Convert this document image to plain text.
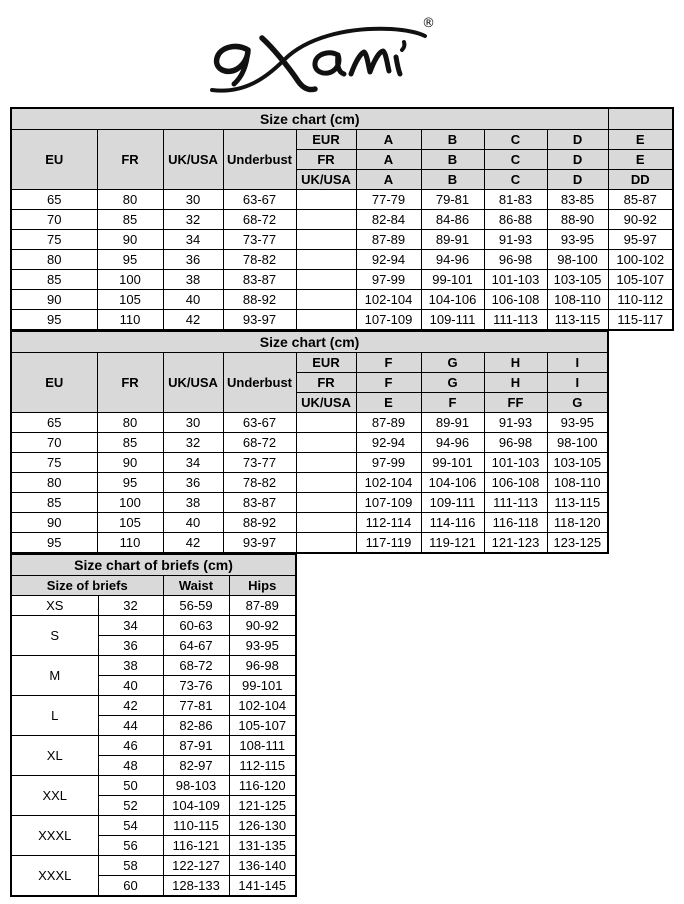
®
Size chart (cm)									
EU	FR	UK/USA	Underbust	EUR	A	B	C	D	E
				FR	A	B	C	D	E
				UK/USA	A	B	C	D	DD
65	80	30	63-67		77-79	79-81	81-83	83-85	85-87
70	85	32	68-72		82-84	84-86	86-88	88-90	90-92
75	90	34	73-77		87-89	89-91	91-93	93-95	95-97
80	95	36	78-82		92-94	94-96	96-98	98-100	100-102
85	100	38	83-87		97-99	99-101	101-103	103-105	105-107
90	105	40	88-92		102-104	104-106	106-108	108-110	110-112
95	110	42	93-97		107-109	109-111	111-113	113-115	115-117
Size chart (cm)								
EU	FR	UK/USA	Underbust	EUR	F	G	H	I
				FR	F	G	H	I
				UK/USA	E	F	FF	G
65	80	30	63-67		87-89	89-91	91-93	93-95
70	85	32	68-72		92-94	94-96	96-98	98-100
75	90	34	73-77		97-99	99-101	101-103	103-105
80	95	36	78-82		102-104	104-106	106-108	108-110
85	100	38	83-87		107-109	109-111	111-113	113-115
90	105	40	88-92		112-114	114-116	116-118	118-120
95	110	42	93-97		117-119	119-121	121-123	123-125
Size chart of briefs (cm)			
Size of briefs		Waist	Hips
XS	32	56-59	87-89
S	34	60-63	90-92
	36	64-67	93-95
M	38	68-72	96-98
	40	73-76	99-101
L	42	77-81	102-104
	44	82-86	105-107
XL	46	87-91	108-111
	48	82-97	112-115
XXL	50	98-103	116-120
	52	104-109	121-125
XXXL	54	110-115	126-130
	56	116-121	131-135
XXXL	58	122-127	136-140
	60	128-133	141-145
